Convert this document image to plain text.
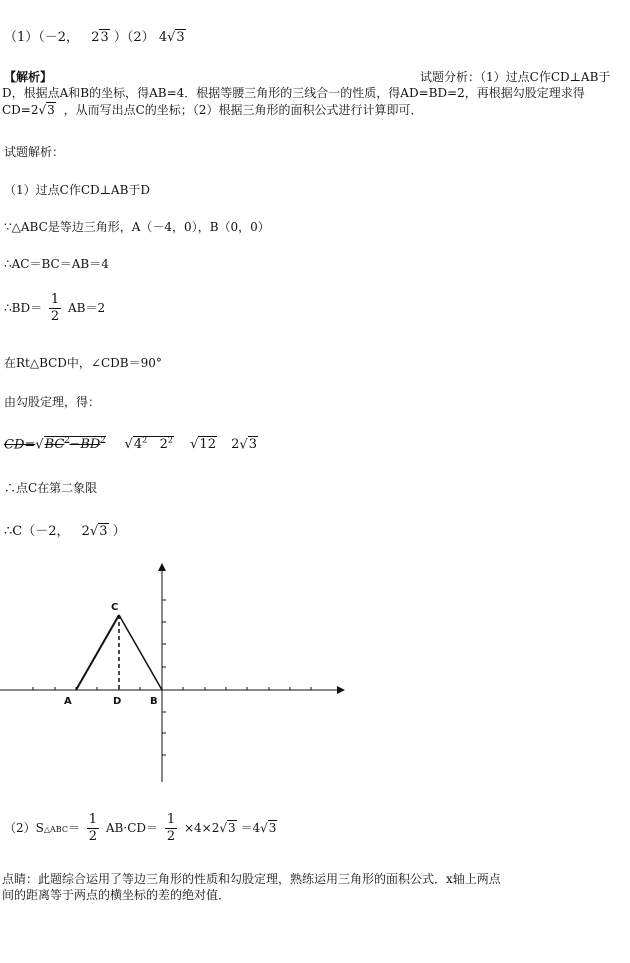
（1）（－2， 23 ）（2） 4√3
【解析】	试题分析：（1）过点C作CD⊥AB于
D，根据点A和B的坐标，得AB=4．根据等腰三角形的三线合一的性质，得AD=BD=2，再根据勾股定理求得
CD=2√3 ，从而写出点C的坐标；（2）根据三角形的面积公式进行计算即可．
试题解析：
（1）过点C作CD⊥AB于D
∵△ABC是等边三角形，A（－4，0），B（0，0）
∴AC＝BC＝AB＝4
∴BD＝ $\frac{1}{2} AB=2$
在Rt△BCD中，∠CDB＝90°
由勾股定理，得：
$CD=√BC^2-BD^2$ $√4^2$ $2^2$ √12 2√3
∴点C在第二象限
∴C（－2， 2√3 ）
A	D	B
C
（2）S△ABC＝ $\frac{1}{2} AB\cdot CD= \frac{1}{2} \times 4\times 2√3 =4√3$
点睛：此题综合运用了等边三角形的性质和勾股定理，熟练运用三角形的面积公式．x轴上两点
间的距离等于两点的横坐标的差的绝对值．
